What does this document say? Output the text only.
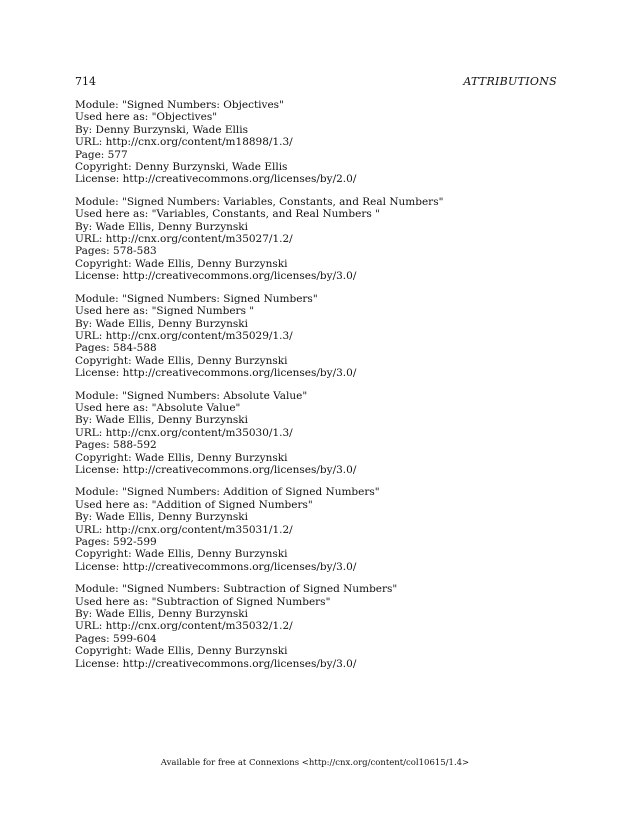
714	ATTRIBUTIONS
Module: "Signed Numbers: Objectives"
Used here as: "Objectives"
By: Denny Burzynski, Wade Ellis
URL: http://cnx.org/content/m18898/1.3/
Page: 577
Copyright: Denny Burzynski, Wade Ellis
License: http://creativecommons.org/licenses/by/2.0/
Module: "Signed Numbers: Variables, Constants, and Real Numbers"
Used here as: "Variables, Constants, and Real Numbers "
By: Wade Ellis, Denny Burzynski
URL: http://cnx.org/content/m35027/1.2/
Pages: 578-583
Copyright: Wade Ellis, Denny Burzynski
License: http://creativecommons.org/licenses/by/3.0/
Module: "Signed Numbers: Signed Numbers"
Used here as: "Signed Numbers "
By: Wade Ellis, Denny Burzynski
URL: http://cnx.org/content/m35029/1.3/
Pages: 584-588
Copyright: Wade Ellis, Denny Burzynski
License: http://creativecommons.org/licenses/by/3.0/
Module: "Signed Numbers: Absolute Value"
Used here as: "Absolute Value"
By: Wade Ellis, Denny Burzynski
URL: http://cnx.org/content/m35030/1.3/
Pages: 588-592
Copyright: Wade Ellis, Denny Burzynski
License: http://creativecommons.org/licenses/by/3.0/
Module: "Signed Numbers: Addition of Signed Numbers"
Used here as: "Addition of Signed Numbers"
By: Wade Ellis, Denny Burzynski
URL: http://cnx.org/content/m35031/1.2/
Pages: 592-599
Copyright: Wade Ellis, Denny Burzynski
License: http://creativecommons.org/licenses/by/3.0/
Module: "Signed Numbers: Subtraction of Signed Numbers"
Used here as: "Subtraction of Signed Numbers"
By: Wade Ellis, Denny Burzynski
URL: http://cnx.org/content/m35032/1.2/
Pages: 599-604
Copyright: Wade Ellis, Denny Burzynski
License: http://creativecommons.org/licenses/by/3.0/
Available for free at Connexions <http://cnx.org/content/col10615/1.4>
